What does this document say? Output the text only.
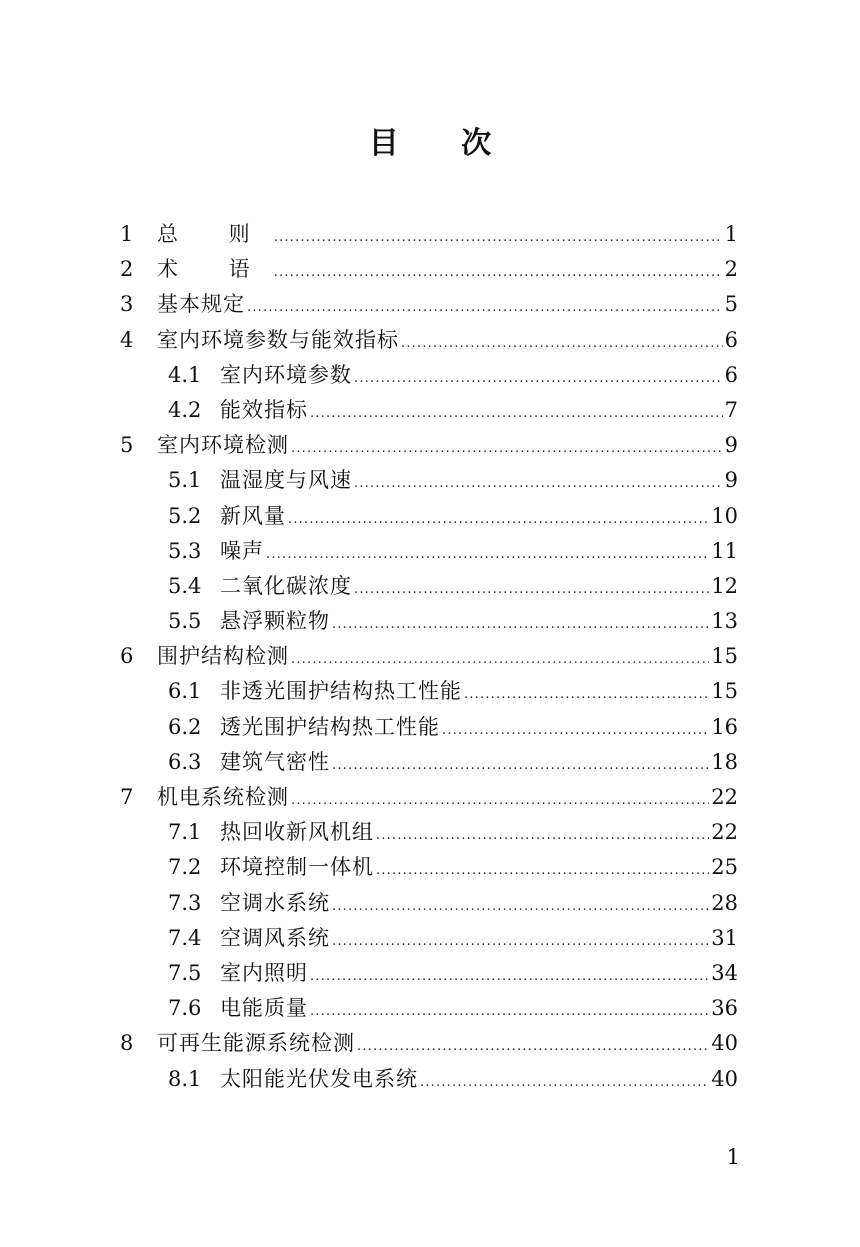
目 次
1	总 则 .....	1
2	术 语 .....	2
3	基本规定 .....	5
4	室内环境参数与能效指标 .....	6
4.1 室内环境参数 .....	6
4.2 能效指标 .....	7
5	室内环境检测 .....	9
5.1 温湿度与风速 .....	9
5.2 新风量 .....	10
5.3 噪声 .....	11
5.4 二氧化碳浓度 .....	12
5.5 悬浮颗粒物 .....	13
6	围护结构检测 .....	15
6.1 非透光围护结构热工性能 .....	15
6.2 透光围护结构热工性能 .....	16
6.3 建筑气密性 .....	18
7	机电系统检测 .....	22
7.1 热回收新风机组 .....	22
7.2 环境控制一体机 .....	25
7.3 空调水系统 .....	28
7.4 空调风系统 .....	31
7.5 室内照明 .....	34
7.6 电能质量 .....	36
8	可再生能源系统检测 .....	40
8.1 太阳能光伏发电系统 .....	40
1
